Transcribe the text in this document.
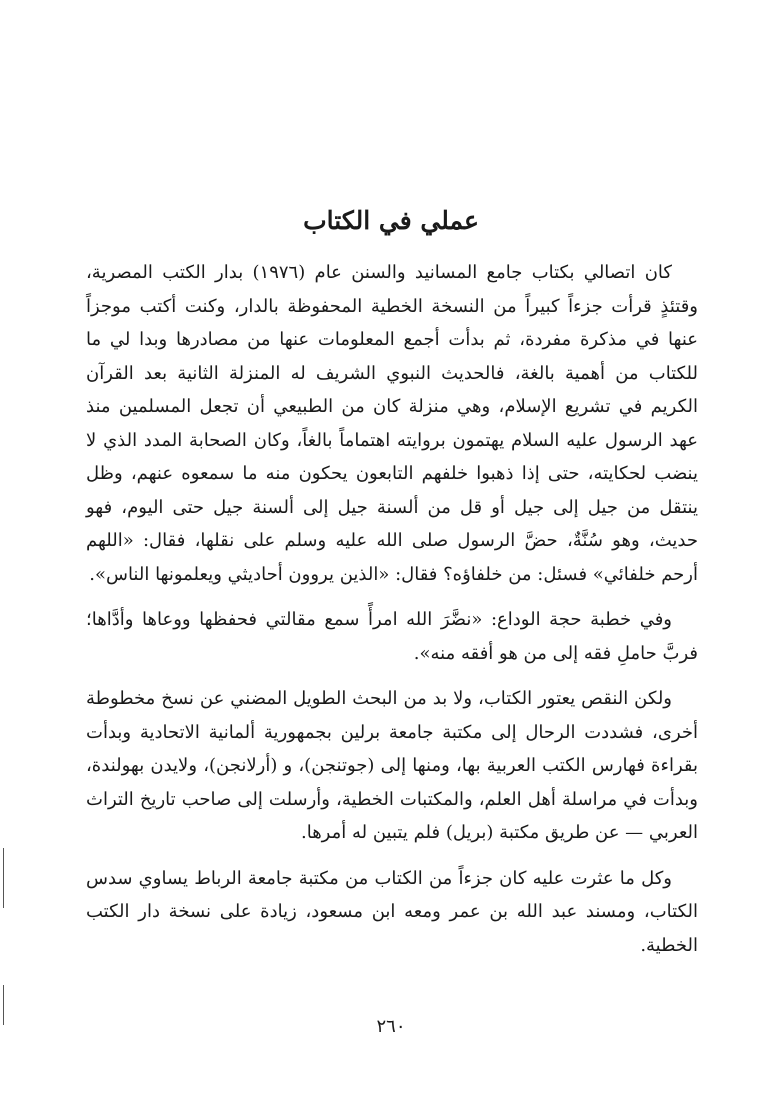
عملي في الكتاب

كان اتصالي بكتاب جامع المسانيد والسنن عام (١٩٧٦) بدار الكتب المصرية، وقتئذٍ قرأت جزءاً كبيراً من النسخة الخطية المحفوظة بالدار، وكنت أكتب موجزاً عنها في مذكرة مفردة، ثم بدأت أجمع المعلومات عنها من مصادرها وبدا لي ما للكتاب من أهمية بالغة، فالحديث النبوي الشريف له المنزلة الثانية بعد القرآن الكريم في تشريع الإسلام، وهي منزلة كان من الطبيعي أن تجعل المسلمين منذ عهد الرسول عليه السلام يهتمون بروايته اهتماماً بالغاً، وكان الصحابة المدد الذي لا ينضب لحكايته، حتى إذا ذهبوا خلفهم التابعون يحكون منه ما سمعوه عنهم، وظل ينتقل من جيل إلى جيل أو قل من ألسنة جيل إلى ألسنة جيل حتى اليوم، فهو حديث، وهو سُنَّةٌ، حضَّ الرسول صلى الله عليه وسلم على نقلها، فقال: «اللهم أرحم خلفائي» فسئل: من خلفاؤه؟ فقال: «الذين يروون أحاديثي ويعلمونها الناس».

وفي خطبة حجة الوداع: «نضَّرَ الله امرأً سمع مقالتي فحفظها ووعاها وأدَّاها؛ فربَّ حاملِ فقه إلى من هو أفقه منه».

ولكن النقص يعتور الكتاب، ولا بد من البحث الطويل المضني عن نسخ مخطوطة أخرى، فشددت الرحال إلى مكتبة جامعة برلين بجمهورية ألمانية الاتحادية وبدأت بقراءة فهارس الكتب العربية بها، ومنها إلى (جوتنجن)، و (أرلانجن)، ولايدن بهولندة، وبدأت في مراسلة أهل العلم، والمكتبات الخطية، وأرسلت إلى صاحب تاريخ التراث العربي — عن طريق مكتبة (بريل) فلم يتبين له أمرها.

وكل ما عثرت عليه كان جزءاً من الكتاب من مكتبة جامعة الرباط يساوي سدس الكتاب، ومسند عبد الله بن عمر ومعه ابن مسعود، زيادة على نسخة دار الكتب الخطية.

٢٦٠
